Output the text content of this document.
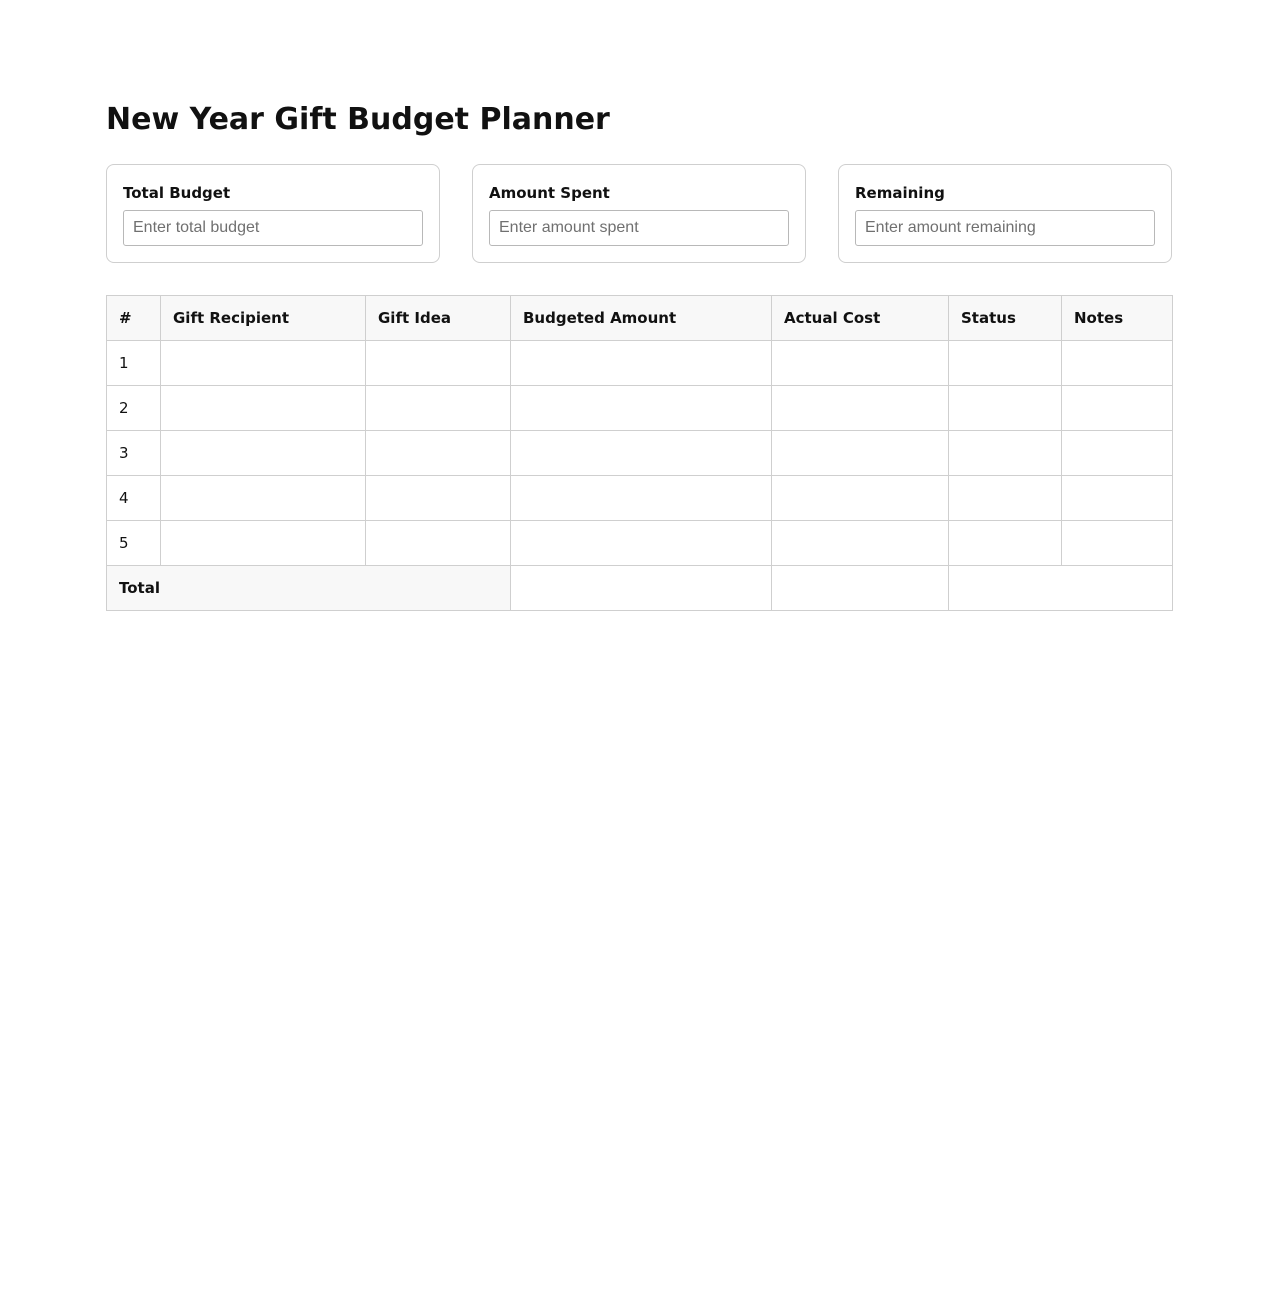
New Year Gift Budget Planner
Total Budget
Enter total budget	Amount Spent
Enter amount spent	Remaining
Enter amount remaining
#	Gift Recipient	Gift Idea	Budgeted Amount	Actual Cost	Status	Notes
1						
2						
3						
4						
5						
Total						
